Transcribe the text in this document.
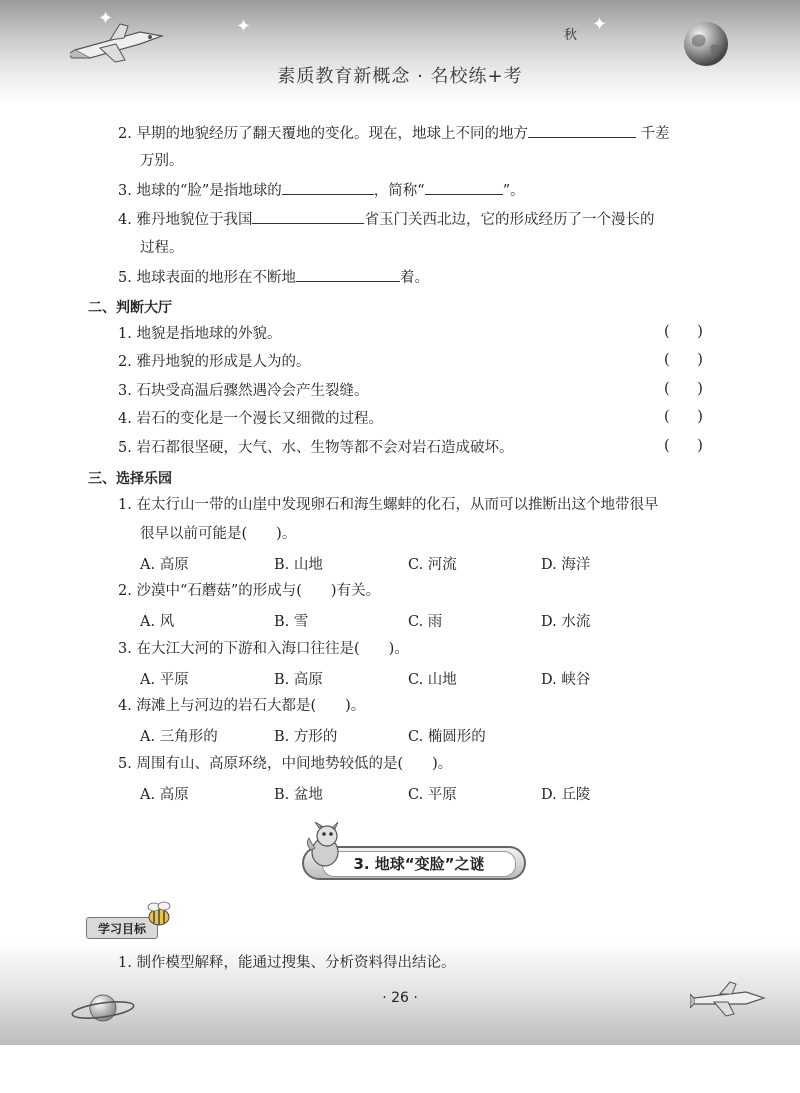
✦	✦	✦
秋
素质教育新概念 · 名校练+考
2. 早期的地貌经历了翻天覆地的变化。现在，地球上不同的地方	千差
万别。
3. 地球的“脸”是指地球的	，简称“	”。
4. 雅丹地貌位于我国	省玉门关西北边，它的形成经历了一个漫长的
过程。
5. 地球表面的地形在不断地	着。
二、判断大厅
1. 地貌是指地球的外貌。	(      )
2. 雅丹地貌的形成是人为的。	(      )
3. 石块受高温后骤然遇冷会产生裂缝。	(      )
4. 岩石的变化是一个漫长又细微的过程。	(      )
5. 岩石都很坚硬，大气、水、生物等都不会对岩石造成破坏。	(      )
三、选择乐园
1. 在太行山一带的山崖中发现卵石和海生螺蚌的化石，从而可以推断出这个地带很早
很早以前可能是(　　)。
A. 高原	B. 山地	C. 河流	D. 海洋
2. 沙漠中“石蘑菇”的形成与(　　)有关。
A. 风	B. 雪	C. 雨	D. 水流
3. 在大江大河的下游和入海口往往是(　　)。
A. 平原	B. 高原	C. 山地	D. 峡谷
4. 海滩上与河边的岩石大都是(　　)。
A. 三角形的	B. 方形的	C. 椭圆形的
5. 周围有山、高原环绕，中间地势较低的是(　　)。
A. 高原	B. 盆地	C. 平原	D. 丘陵
3. 地球“变脸”之谜
学习目标
1. 制作模型解释，能通过搜集、分析资料得出结论。
· 26 ·
